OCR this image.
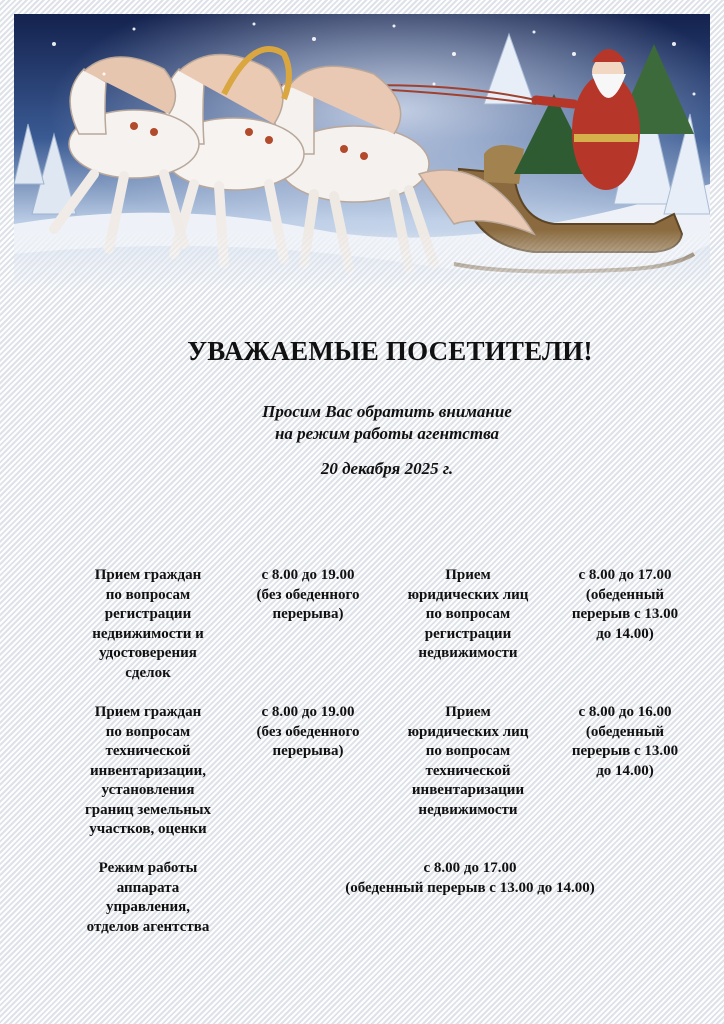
УВАЖАЕМЫЕ ПОСЕТИТЕЛИ!
Просим Вас обратить внимание
на режим работы агентства
20 декабря 2025 г.
Прием граждан
по вопросам
регистрации
недвижимости и
удостоверения
сделок
с 8.00 до 19.00
(без обеденного
перерыва)
Прием
юридических лиц
по вопросам
регистрации
недвижимости
с 8.00 до 17.00
(обеденный
перерыв с 13.00
до 14.00)
Прием граждан
по вопросам
технической
инвентаризации,
установления
границ земельных
участков, оценки
с 8.00 до 19.00
(без обеденного
перерыва)
Прием
юридических лиц
по вопросам
технической
инвентаризации
недвижимости
с 8.00 до 16.00
(обеденный
перерыв с 13.00
до 14.00)
Режим работы
аппарата
управления,
отделов агентства
с 8.00 до 17.00
(обеденный перерыв с 13.00 до 14.00)
